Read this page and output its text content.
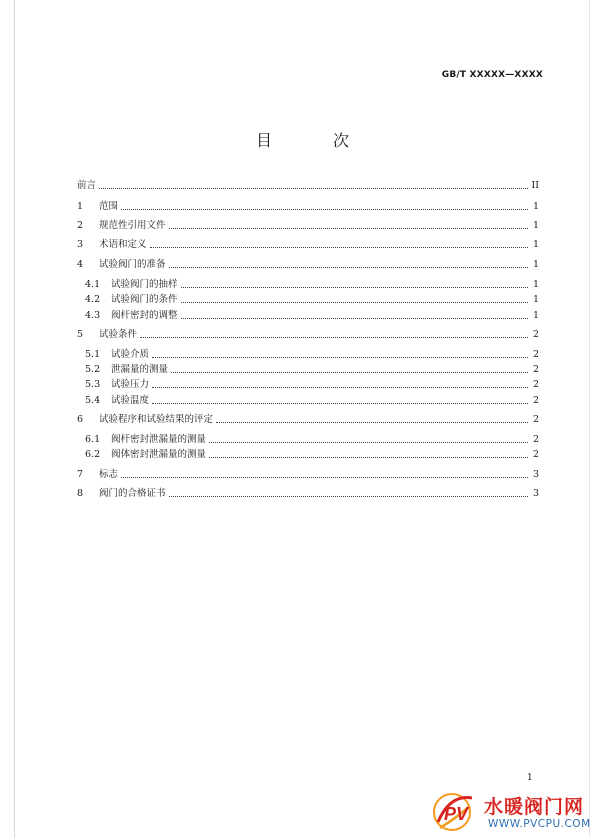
GB/T XXXXX—XXXX
目 次
前言	II
1	范围	1
2	规范性引用文件	1
3	术语和定义	1
4	试验阀门的准备	1
4.1	试验阀门的抽样	1
4.2	试验阀门的条件	1
4.3	阀杆密封的调整	1
5	试验条件	2
5.1	试验介质	2
5.2	泄漏量的测量	2
5.3	试验压力	2
5.4	试验温度	2
6	试验程序和试验结果的评定	2
6.1	阀杆密封泄漏量的测量	2
6.2	阀体密封泄漏量的测量	2
7	标志	3
8	阀门的合格证书	3
1
PV 水暖阀门网
WWW.PVCPU.COM
